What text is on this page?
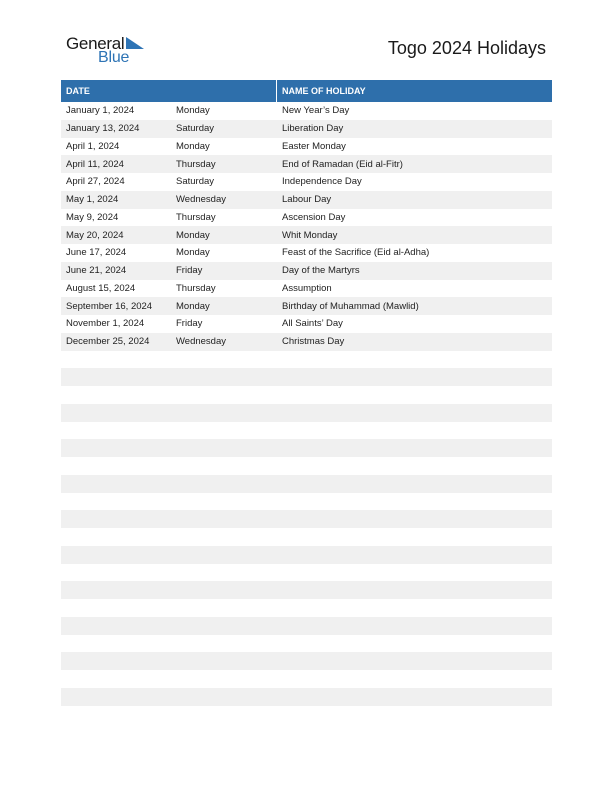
General
Blue	Togo 2024 Holidays
DATE	NAME OF HOLIDAY
January 1, 2024	Monday	New Year’s Day
January 13, 2024	Saturday	Liberation Day
April 1, 2024	Monday	Easter Monday
April 11, 2024	Thursday	End of Ramadan (Eid al-Fitr)
April 27, 2024	Saturday	Independence Day
May 1, 2024	Wednesday	Labour Day
May 9, 2024	Thursday	Ascension Day
May 20, 2024	Monday	Whit Monday
June 17, 2024	Monday	Feast of the Sacrifice (Eid al-Adha)
June 21, 2024	Friday	Day of the Martyrs
August 15, 2024	Thursday	Assumption
September 16, 2024	Monday	Birthday of Muhammad (Mawlid)
November 1, 2024	Friday	All Saints’ Day
December 25, 2024	Wednesday	Christmas Day
